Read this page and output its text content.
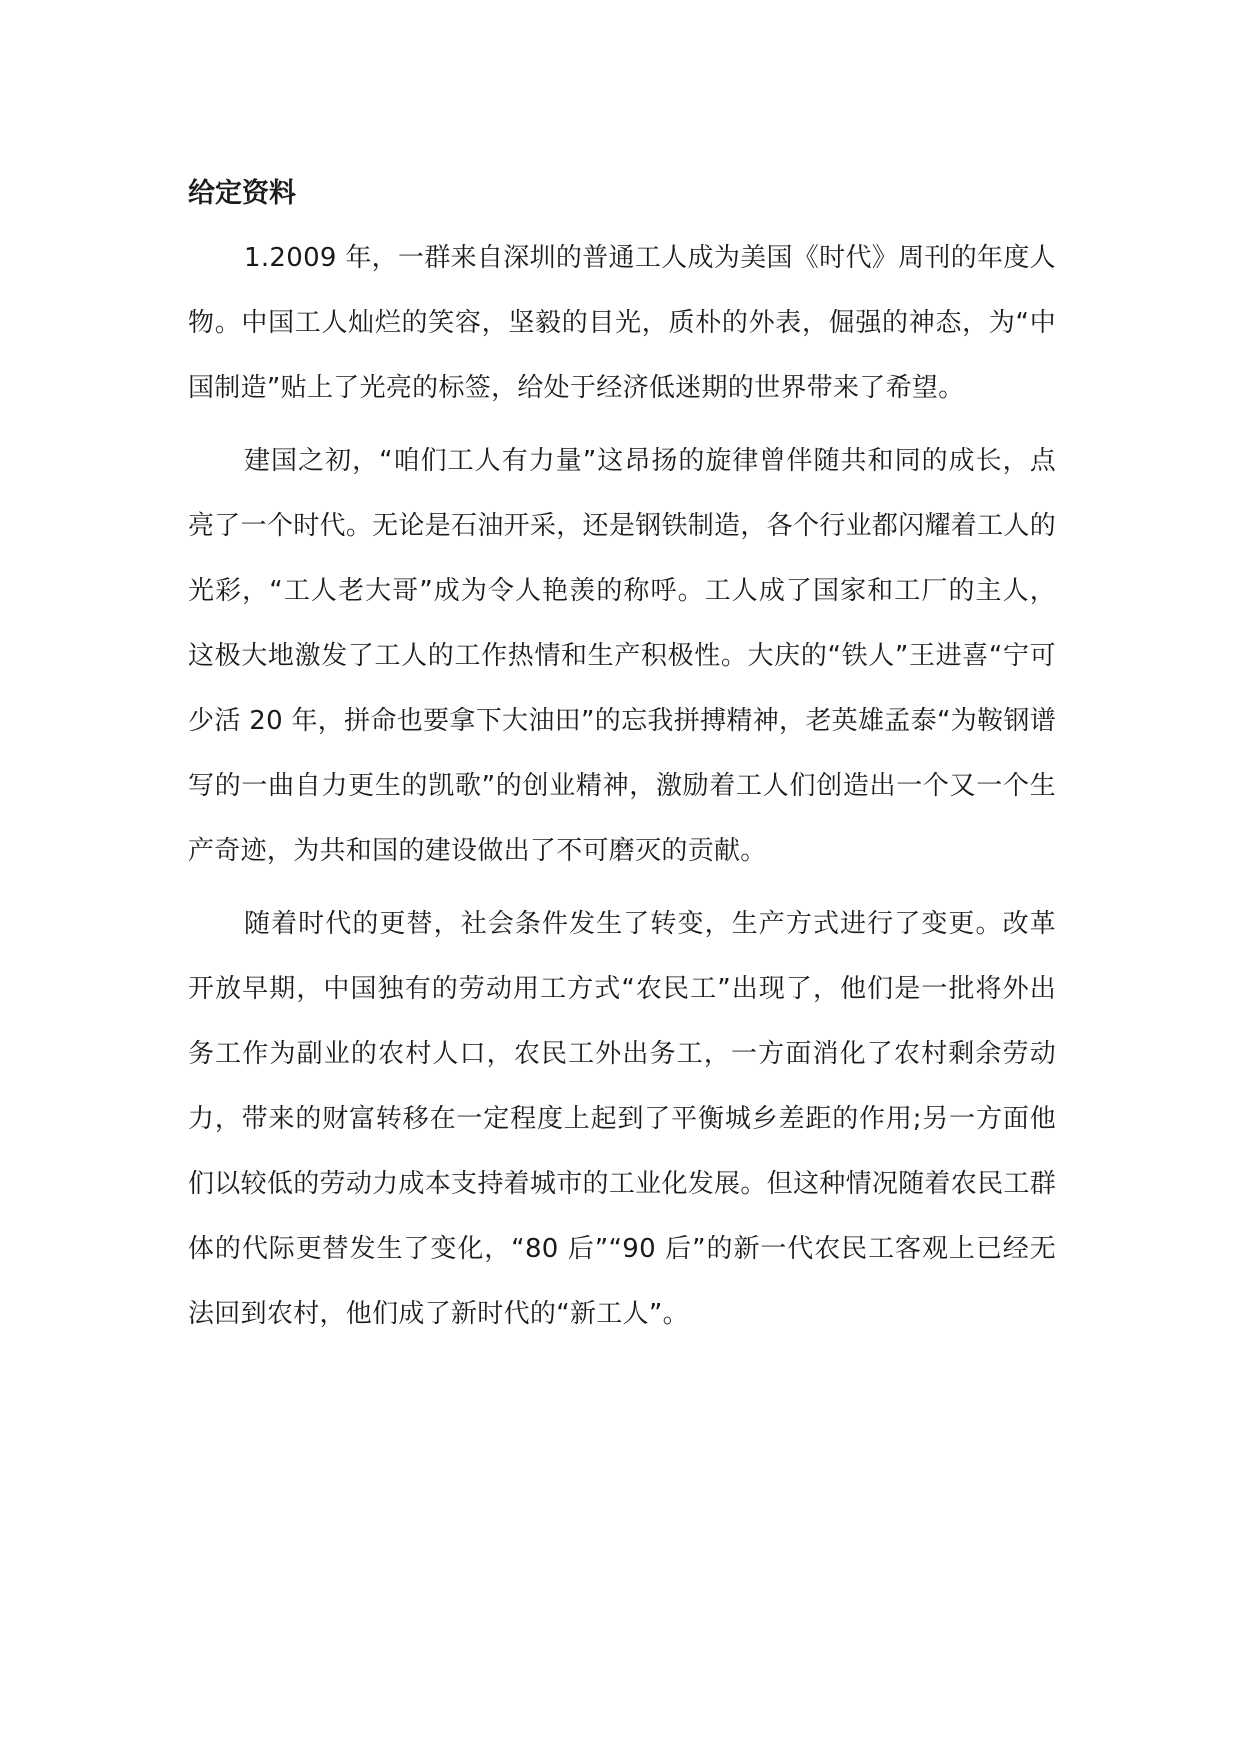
给定资料

1.2009 年，一群来自深圳的普通工人成为美国《时代》周刊的年度人物。中国工人灿烂的笑容，坚毅的目光，质朴的外表，倔强的神态，为“中国制造”贴上了光亮的标签，给处于经济低迷期的世界带来了希望。

建国之初，“咱们工人有力量”这昂扬的旋律曾伴随共和同的成长，点亮了一个时代。无论是石油开采，还是钢铁制造，各个行业都闪耀着工人的光彩，“工人老大哥”成为令人艳羡的称呼。工人成了国家和工厂的主人，这极大地激发了工人的工作热情和生产积极性。大庆的“铁人”王进喜“宁可少活 20 年，拼命也要拿下大油田”的忘我拼搏精神，老英雄孟泰“为鞍钢谱写的一曲自力更生的凯歌”的创业精神，激励着工人们创造出一个又一个生产奇迹，为共和国的建设做出了不可磨灭的贡献。

随着时代的更替，社会条件发生了转变，生产方式进行了变更。改革开放早期，中国独有的劳动用工方式“农民工”出现了，他们是一批将外出务工作为副业的农村人口，农民工外出务工，一方面消化了农村剩余劳动力，带来的财富转移在一定程度上起到了平衡城乡差距的作用;另一方面他们以较低的劳动力成本支持着城市的工业化发展。但这种情况随着农民工群体的代际更替发生了变化，“80 后”“90 后”的新一代农民工客观上已经无法回到农村，他们成了新时代的“新工人”。
